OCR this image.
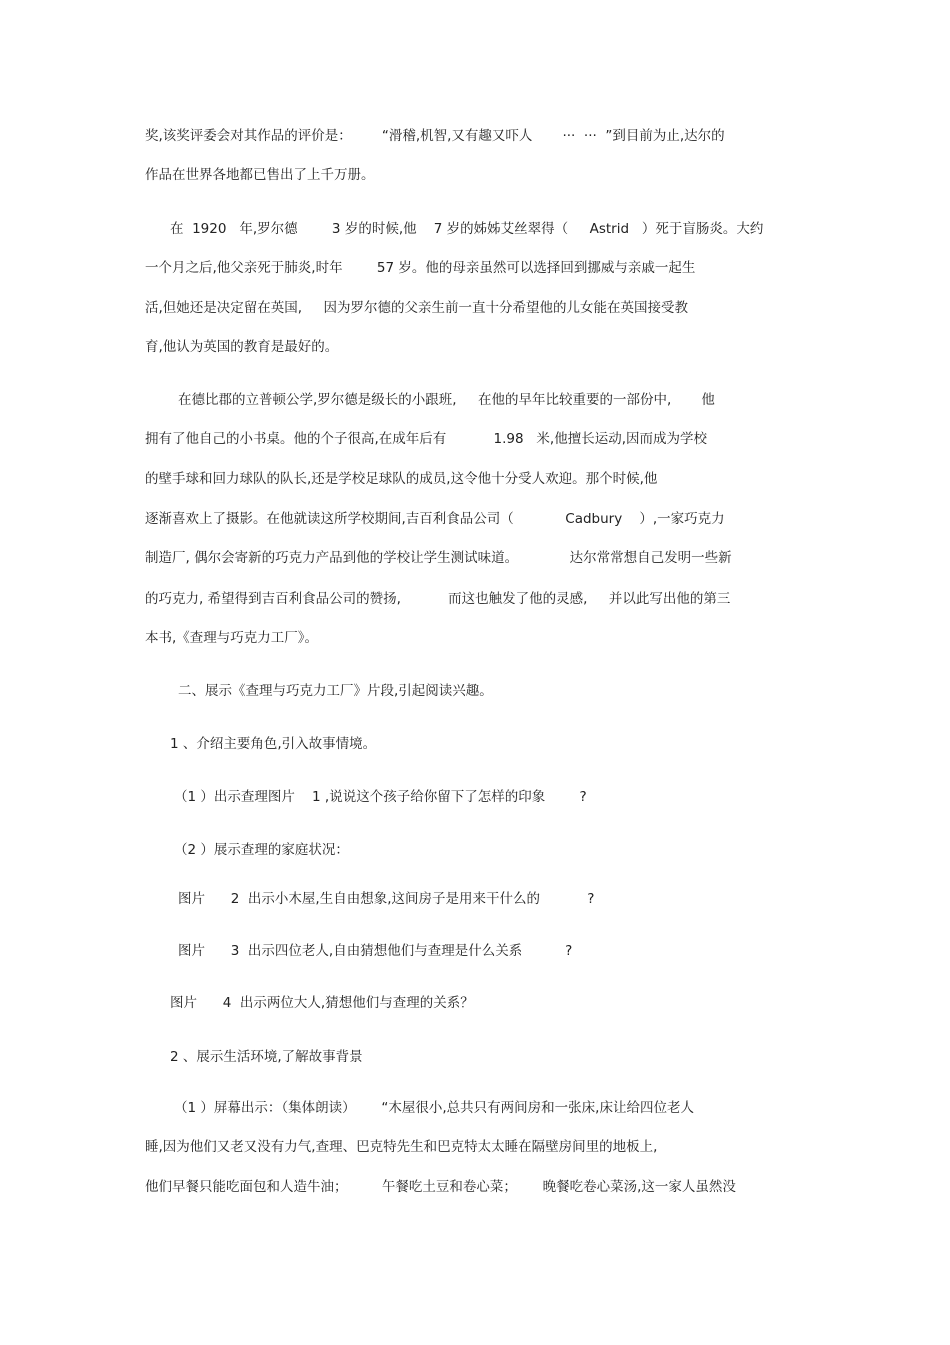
奖,该奖评委会对其作品的评价是：       “滑稽,机智,又有趣又吓人       ···  ···  ”到目前为止,达尔的
作品在世界各地都已售出了上千万册。
在  1920   年,罗尔德        3 岁的时候,他    7 岁的姊姊艾丝翠得（     Astrid   ）死于盲肠炎。大约
一个月之后,他父亲死于肺炎,时年        57 岁。他的母亲虽然可以选择回到挪威与亲戚一起生
活,但她还是决定留在英国,     因为罗尔德的父亲生前一直十分希望他的儿女能在英国接受教
育,他认为英国的教育是最好的。
在德比郡的立普顿公学,罗尔德是级长的小跟班,     在他的早年比较重要的一部份中,       他
拥有了他自己的小书桌。他的个子很高,在成年后有           1.98   米,他擅长运动,因而成为学校
的壁手球和回力球队的队长,还是学校足球队的成员,这令他十分受人欢迎。那个时候,他
逐渐喜欢上了摄影。在他就读这所学校期间,吉百利食品公司（            Cadbury    ）,一家巧克力
制造厂, 偶尔会寄新的巧克力产品到他的学校让学生测试味道。            达尔常常想自己发明一些新
的巧克力, 希望得到吉百利食品公司的赞扬,           而这也触发了他的灵感,     并以此写出他的第三
本书,《查理与巧克力工厂》。
二、展示《查理与巧克力工厂》片段,引起阅读兴趣。
1 、介绍主要角色,引入故事情境。
（1 ）出示查理图片    1 ,说说这个孩子给你留下了怎样的印象        ?
（2 ）展示查理的家庭状况：
图片      2  出示小木屋,生自由想象,这间房子是用来干什么的           ?
图片      3  出示四位老人,自由猜想他们与查理是什么关系          ?
图片      4  出示两位大人,猜想他们与查理的关系？
2 、展示生活环境,了解故事背景
（1 ）屏幕出示：（集体朗读）      “木屋很小,总共只有两间房和一张床,床让给四位老人
睡,因为他们又老又没有力气,查理、巴克特先生和巴克特太太睡在隔壁房间里的地板上,
他们早餐只能吃面包和人造牛油；        午餐吃土豆和卷心菜；      晚餐吃卷心菜汤,这一家人虽然没
